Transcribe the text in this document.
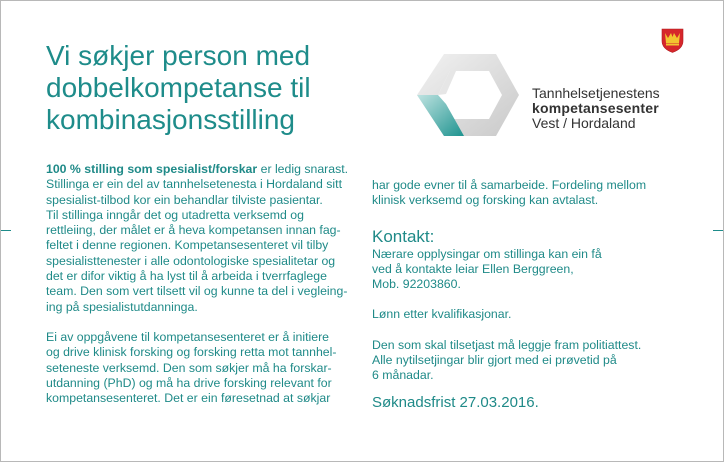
Vi søkjer person med
dobbelkompetanse til
kombinasjonsstilling
Tannhelsetjenestens
kompetansesenter
Vest / Hordaland
100 % stilling som spesialist/forskar er ledig snarast.
Stillinga er ein del av tannhelsetenesta i Hordaland sitt
spesialist-tilbod kor ein behandlar tilviste pasientar.
Til stillinga inngår det og utadretta verksemd og
rettleiing, der målet er å heva kompetansen innan fag-
feltet i denne regionen. Kompetansesenteret vil tilby
spesialisttenester i alle odontologiske spesialitetar og
det er difor viktig å ha lyst til å arbeida i tverrfaglege
team. Den som vert tilsett vil og kunne ta del i vegleing-
ing på spesialistutdanninga.
Ei av oppgåvene til kompetansesenteret er å initiere
og drive klinisk forsking og forsking retta mot tannhel-
seteneste verksemd. Den som søkjer må ha forskar-
utdanning (PhD) og må ha drive forsking relevant for
kompetansesenteret. Det er ein føresetnad at søkjar
har gode evner til å samarbeide. Fordeling mellom
klinisk verksemd og forsking kan avtalast.
Kontakt:
Nærare opplysingar om stillinga kan ein få
ved å kontakte leiar Ellen Berggreen,
Mob. 92203860.
Lønn etter kvalifikasjonar.
Den som skal tilsetjast må leggje fram politiattest.
Alle nytilsetjingar blir gjort med ei prøvetid på
6 månadar.
Søknadsfrist 27.03.2016.
